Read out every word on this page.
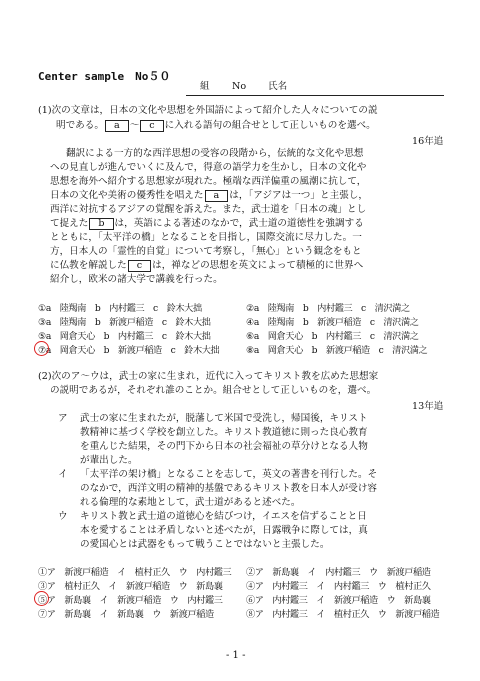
Center sample　No５０
組 No 氏名
(1)次の文章は，日本の文化や思想を外国語によって紹介した人々についての説
明である。 a ～ c に入れる語句の組合せとして正しいものを選べ。
16年追
翻訳による一方的な西洋思想の受容の段階から，伝統的な文化や思想
への見直しが進んでいくに及んで，得意の語学力を生かし，日本の文化や
思想を海外へ紹介する思想家が現れた。極端な西洋偏重の風潮に抗して，
日本の文化や美術の優秀性を唱えた a は，「アジアは一つ」と主張し，
西洋に対抗するアジアの覚醒を訴えた。また，武士道を「日本の魂」とし
て捉えた b は，英語による著述のなかで，武士道の道徳性を強調する
とともに，「太平洋の橋」となることを目指し，国際交流に尽力した。一
方，日本人の「霊性的自覚」について考察し，「無心」という観念をもと
に仏教を解説した c は，禅などの思想を英文によって積極的に世界へ
紹介し，欧米の諸大学で講義を行った。
①a　陸羯南　b　内村鑑三　c　鈴木大拙	②a　陸羯南　b　内村鑑三　c　清沢満之
③a　陸羯南　b　新渡戸稲造　c　鈴木大拙	④a　陸羯南　b　新渡戸稲造　c　清沢満之
⑤a　岡倉天心　b　内村鑑三　c　鈴木大拙	⑥a　岡倉天心　b　内村鑑三　c　清沢満之
⑦a　岡倉天心　b　新渡戸稲造　c　鈴木大拙	⑧a　岡倉天心　b　新渡戸稲造　c　清沢満之
(2)次のア～ウは，武士の家に生まれ，近代に入ってキリスト教を広めた思想家
の説明であるが，それぞれ誰のことか。組合せとして正しいものを，選べ。
13年追
ア 武士の家に生まれたが，脱藩して米国で受洗し，帰国後，キリスト
教精神に基づく学校を創立した。キリスト教道徳に則った良心教育
を重んじた結果，その門下から日本の社会福祉の草分けとなる人物
が輩出した。
イ 「太平洋の架け橋」となることを志して，英文の著書を刊行した。そ
のなかで，西洋文明の精神的基盤であるキリスト教を日本人が受け容
れる倫理的な素地として，武士道があると述べた。
ウ キリスト教と武士道の道徳心を結びつけ，イエスを信ずることと日
本を愛することは矛盾しないと述べたが，日露戦争に際しては，真
の愛国心とは武器をもって戦うことではないと主張した。
①ア　新渡戸稲造　イ　植村正久　ウ　内村鑑三 ②ア　新島襄　イ　内村鑑三　ウ　新渡戸稲造
③ア　植村正久　イ　新渡戸稲造　ウ　新島襄	④ア　内村鑑三　イ　内村鑑三　ウ　植村正久
⑤ア　新島襄　イ　新渡戸稲造　ウ　内村鑑三	⑥ア　内村鑑三　イ　新渡戸稲造　ウ　新島襄
⑦ア　新島襄　イ　新島襄　ウ　新渡戸稲造	⑧ア　内村鑑三　イ　植村正久　ウ　新渡戸稲造
- 1 -
